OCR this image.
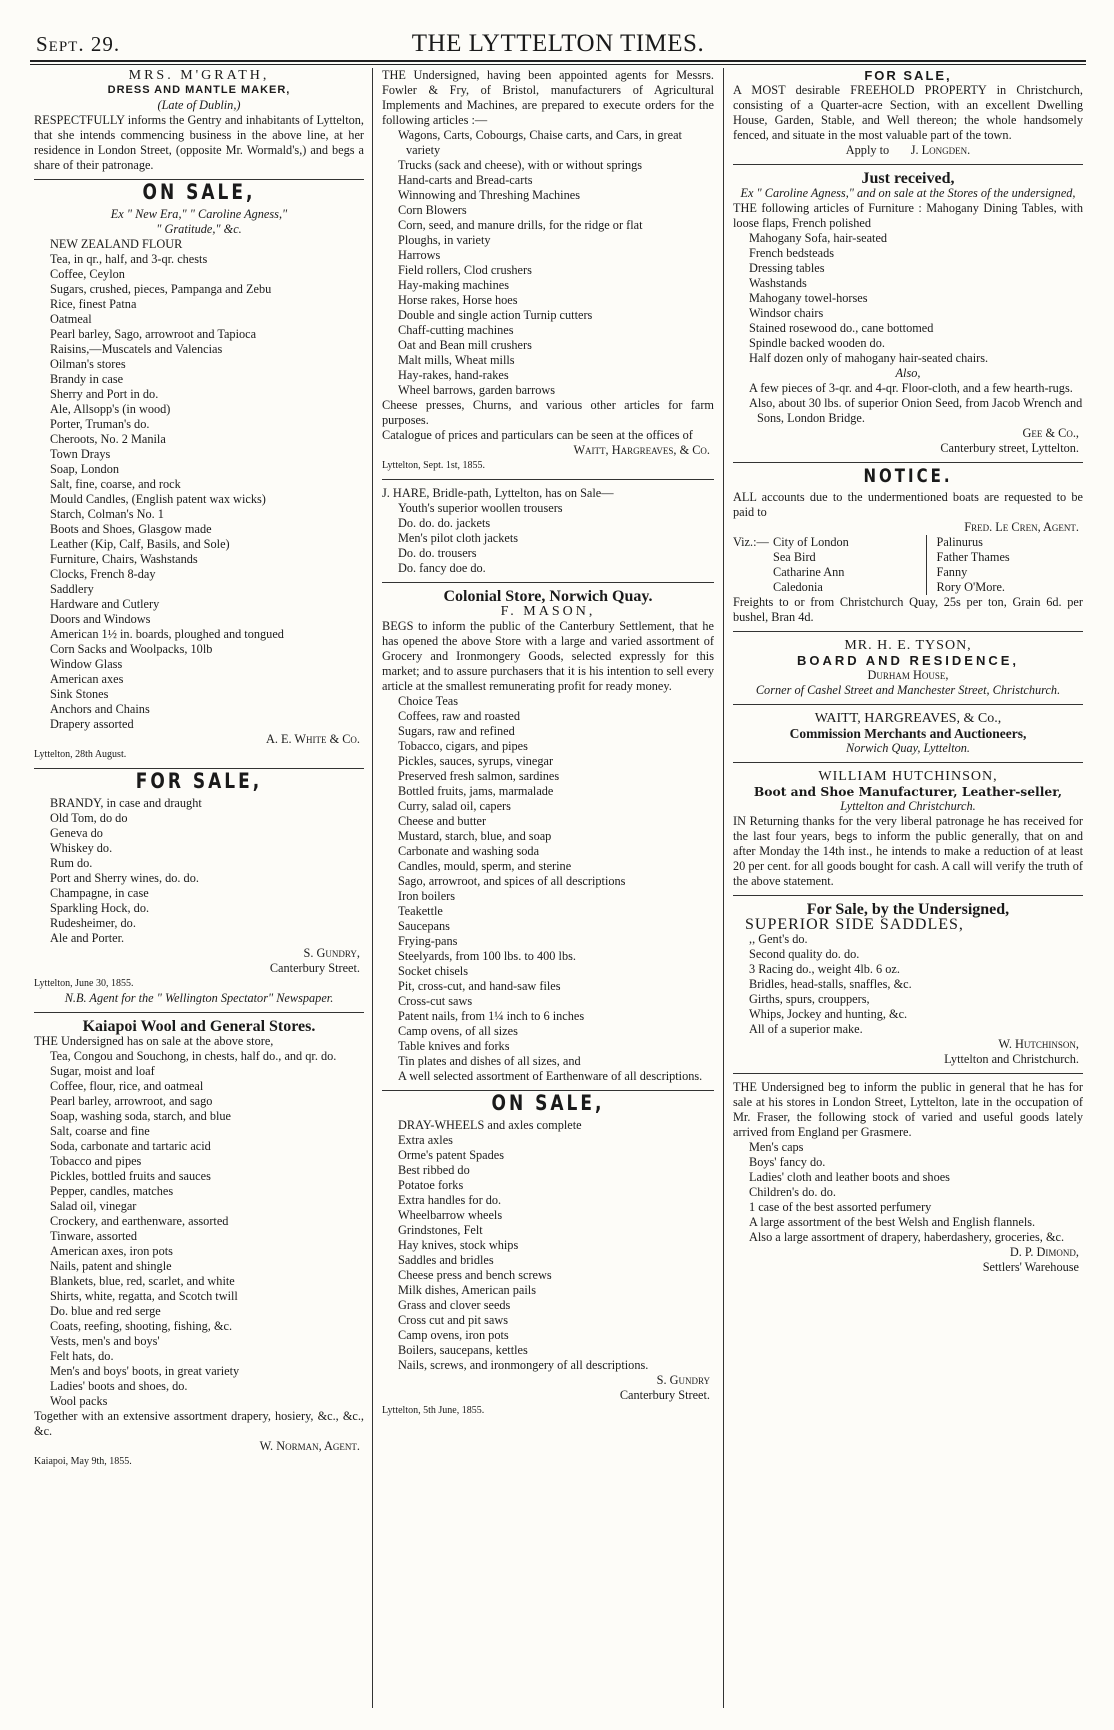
Sept. 29.	THE LYTTELTON TIMES.
MRS. M'GRATH,
DRESS AND MANTLE MAKER,
(Late of Dublin,)

RESPECTFULLY informs the Gentry and inhabitants of Lyttelton, that she intends commencing business in the above line, at her residence in London Street, (opposite Mr. Wormald's,) and begs a share of their patronage.

ON SALE,
Ex " New Era," " Caroline Agness,"
" Gratitude," &c.
NEW ZEALAND FLOUR
Tea, in qr., half, and 3-qr. chests
Coffee, Ceylon
Sugars, crushed, pieces, Pampanga and Zebu
Rice, finest Patna
Oatmeal
Pearl barley, Sago, arrowroot and Tapioca
Raisins,—Muscatels and Valencias
Oilman's stores
Brandy in case
Sherry and Port in do.
Ale, Allsopp's (in wood)
Porter, Truman's do.
Cheroots, No. 2 Manila
Town Drays
Soap, London
Salt, fine, coarse, and rock
Mould Candles, (English patent wax wicks)
Starch, Colman's No. 1
Boots and Shoes, Glasgow made
Leather (Kip, Calf, Basils, and Sole)
Furniture, Chairs, Washstands
Clocks, French 8-day
Saddlery
Hardware and Cutlery
Doors and Windows
American 1½ in. boards, ploughed and tongued
Corn Sacks and Woolpacks, 10lb
Window Glass
American axes
Sink Stones
Anchors and Chains
Drapery assorted
A. E. White & Co.
Lyttelton, 28th August.
FOR SALE,
BRANDY, in case and draught
Old Tom, do do
Geneva do
Whiskey do.
Rum do.
Port and Sherry wines, do. do.
Champagne, in case
Sparkling Hock, do.
Rudesheimer, do.
Ale and Porter.
S. Gundry,
Canterbury Street.
Lyttelton, June 30, 1855.
N.B. Agent for the " Wellington Spectator" Newspaper.
Kaiapoi Wool and General Stores.

THE Undersigned has on sale at the above store,

Tea, Congou and Souchong, in chests, half do., and qr. do.
Sugar, moist and loaf
Coffee, flour, rice, and oatmeal
Pearl barley, arrowroot, and sago
Soap, washing soda, starch, and blue
Salt, coarse and fine
Soda, carbonate and tartaric acid
Tobacco and pipes
Pickles, bottled fruits and sauces
Pepper, candles, matches
Salad oil, vinegar
Crockery, and earthenware, assorted
Tinware, assorted
American axes, iron pots
Nails, patent and shingle
Blankets, blue, red, scarlet, and white
Shirts, white, regatta, and Scotch twill
Do. blue and red serge
Coats, reefing, shooting, fishing, &c.
Vests, men's and boys'
Felt hats, do.
Men's and boys' boots, in great variety
Ladies' boots and shoes, do.
Wool packs

Together with an extensive assortment drapery, hosiery, &c., &c., &c.

W. Norman, Agent.
Kaiapoi, May 9th, 1855.

THE Undersigned, having been appointed agents for Messrs. Fowler & Fry, of Bristol, manufacturers of Agricultural Implements and Machines, are prepared to execute orders for the following articles :—

Wagons, Carts, Cobourgs, Chaise carts, and Cars, in great variety
Trucks (sack and cheese), with or without springs
Hand-carts and Bread-carts
Winnowing and Threshing Machines
Corn Blowers
Corn, seed, and manure drills, for the ridge or flat
Ploughs, in variety
Harrows
Field rollers, Clod crushers
Hay-making machines
Horse rakes, Horse hoes
Double and single action Turnip cutters
Chaff-cutting machines
Oat and Bean mill crushers
Malt mills, Wheat mills
Hay-rakes, hand-rakes
Wheel barrows, garden barrows

Cheese presses, Churns, and various other articles for farm purposes.

Catalogue of prices and particulars can be seen at the offices of

Waitt, Hargreaves, & Co.
Lyttelton, Sept. 1st, 1855.

J. HARE, Bridle-path, Lyttelton, has on Sale—

Youth's superior woollen trousers
Do. do. do. jackets
Men's pilot cloth jackets
Do. do. trousers
Do. fancy doe do.
Colonial Store, Norwich Quay.
F. MASON,

BEGS to inform the public of the Canterbury Settlement, that he has opened the above Store with a large and varied assortment of Grocery and Ironmongery Goods, selected expressly for this market; and to assure purchasers that it is his intention to sell every article at the smallest remunerating profit for ready money.

Choice Teas
Coffees, raw and roasted
Sugars, raw and refined
Tobacco, cigars, and pipes
Pickles, sauces, syrups, vinegar
Preserved fresh salmon, sardines
Bottled fruits, jams, marmalade
Curry, salad oil, capers
Cheese and butter
Mustard, starch, blue, and soap
Carbonate and washing soda
Candles, mould, sperm, and sterine
Sago, arrowroot, and spices of all descriptions
Iron boilers
Teakettle
Saucepans
Frying-pans
Steelyards, from 100 lbs. to 400 lbs.
Socket chisels
Pit, cross-cut, and hand-saw files
Cross-cut saws
Patent nails, from 1¼ inch to 6 inches
Camp ovens, of all sizes
Table knives and forks
Tin plates and dishes of all sizes, and
A well selected assortment of Earthenware of all descriptions.
ON SALE,
DRAY-WHEELS and axles complete
Extra axles
Orme's patent Spades
Best ribbed do
Potatoe forks
Extra handles for do.
Wheelbarrow wheels
Grindstones, Felt
Hay knives, stock whips
Saddles and bridles
Cheese press and bench screws
Milk dishes, American pails
Grass and clover seeds
Cross cut and pit saws
Camp ovens, iron pots
Boilers, saucepans, kettles
Nails, screws, and ironmongery of all descriptions.
S. Gundry
Canterbury Street.
Lyttelton, 5th June, 1855.
FOR SALE,

A MOST desirable FREEHOLD PROPERTY in Christchurch, consisting of a Quarter-acre Section, with an excellent Dwelling House, Garden, Stable, and Well thereon; the whole handsomely fenced, and situate in the most valuable part of the town.

Apply to J. Longden.
Just received,
Ex " Caroline Agness," and on sale at the Stores of the undersigned,

THE following articles of Furniture : Mahogany Dining Tables, with loose flaps, French polished

Mahogany Sofa, hair-seated
French bedsteads
Dressing tables
Washstands
Mahogany towel-horses
Windsor chairs
Stained rosewood do., cane bottomed
Spindle backed wooden do.
Half dozen only of mahogany hair-seated chairs.
Also,
A few pieces of 3-qr. and 4-qr. Floor-cloth, and a few hearth-rugs.
Also, about 30 lbs. of superior Onion Seed, from Jacob Wrench and Sons, London Bridge.
Gee & Co.,
Canterbury street, Lyttelton.
NOTICE.

ALL accounts due to the undermentioned boats are requested to be paid to

Fred. Le Cren, Agent.
Viz.:— City of London
Sea Bird
Catharine Ann
Caledonia
Palinurus
Father Thames
Fanny
Rory O'More.

Freights to or from Christchurch Quay, 25s per ton, Grain 6d. per bushel, Bran 4d.

MR. H. E. TYSON,
BOARD AND RESIDENCE,
Durham House,
Corner of Cashel Street and Manchester Street, Christchurch.
WAITT, HARGREAVES, & Co.,
Commission Merchants and Auctioneers,
Norwich Quay, Lyttelton.
WILLIAM HUTCHINSON,
Boot and Shoe Manufacturer, Leather-seller,
Lyttelton and Christchurch.

IN Returning thanks for the very liberal patronage he has received for the last four years, begs to inform the public generally, that on and after Monday the 14th inst., he intends to make a reduction of at least 20 per cent. for all goods bought for cash. A call will verify the truth of the above statement.

For Sale, by the Undersigned,
SUPERIOR SIDE SADDLES,
,, Gent's do.
Second quality do. do.
3 Racing do., weight 4lb. 6 oz.
Bridles, head-stalls, snaffles, &c.
Girths, spurs, crouppers,
Whips, Jockey and hunting, &c.
All of a superior make.
W. Hutchinson,
Lyttelton and Christchurch.

THE Undersigned beg to inform the public in general that he has for sale at his stores in London Street, Lyttelton, late in the occupation of Mr. Fraser, the following stock of varied and useful goods lately arrived from England per Grasmere.

Men's caps
Boys' fancy do.
Ladies' cloth and leather boots and shoes
Children's do. do.
1 case of the best assorted perfumery
A large assortment of the best Welsh and English flannels.
Also a large assortment of drapery, haberdashery, groceries, &c.
D. P. Dimond,
Settlers' Warehouse
